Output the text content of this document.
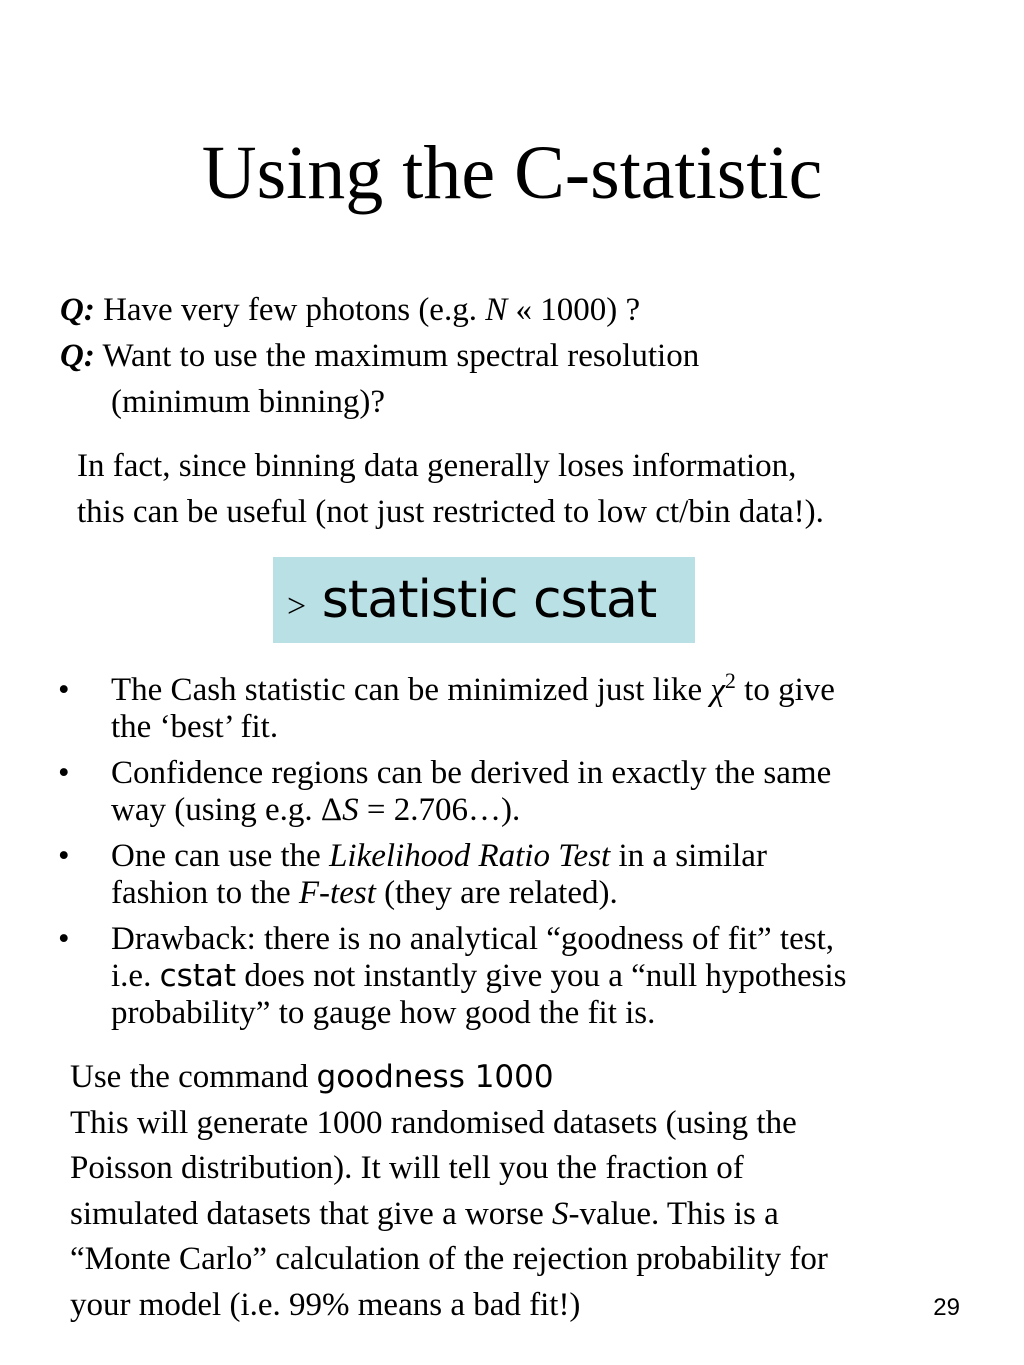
Using the C-statistic
Q: Have very few photons (e.g. N « 1000) ?
Q: Want to use the maximum spectral resolution
(minimum binning)?
In fact, since binning data generally loses information,
this can be useful (not just restricted to low ct/bin data!).
> statistic cstat
• The Cash statistic can be minimized just like $\chi^2$ to give
the ‘best’ fit.
• Confidence regions can be derived in exactly the same
way (using e.g. ΔS = 2.706…).
• One can use the Likelihood Ratio Test in a similar
fashion to the F-test (they are related).
• Drawback: there is no analytical “goodness of fit” test,
i.e. cstat does not instantly give you a “null hypothesis
probability” to gauge how good the fit is.
Use the command goodness 1000
This will generate 1000 randomised datasets (using the
Poisson distribution). It will tell you the fraction of
simulated datasets that give a worse S-value. This is a
“Monte Carlo” calculation of the rejection probability for
your model (i.e. 99% means a bad fit!)	29
